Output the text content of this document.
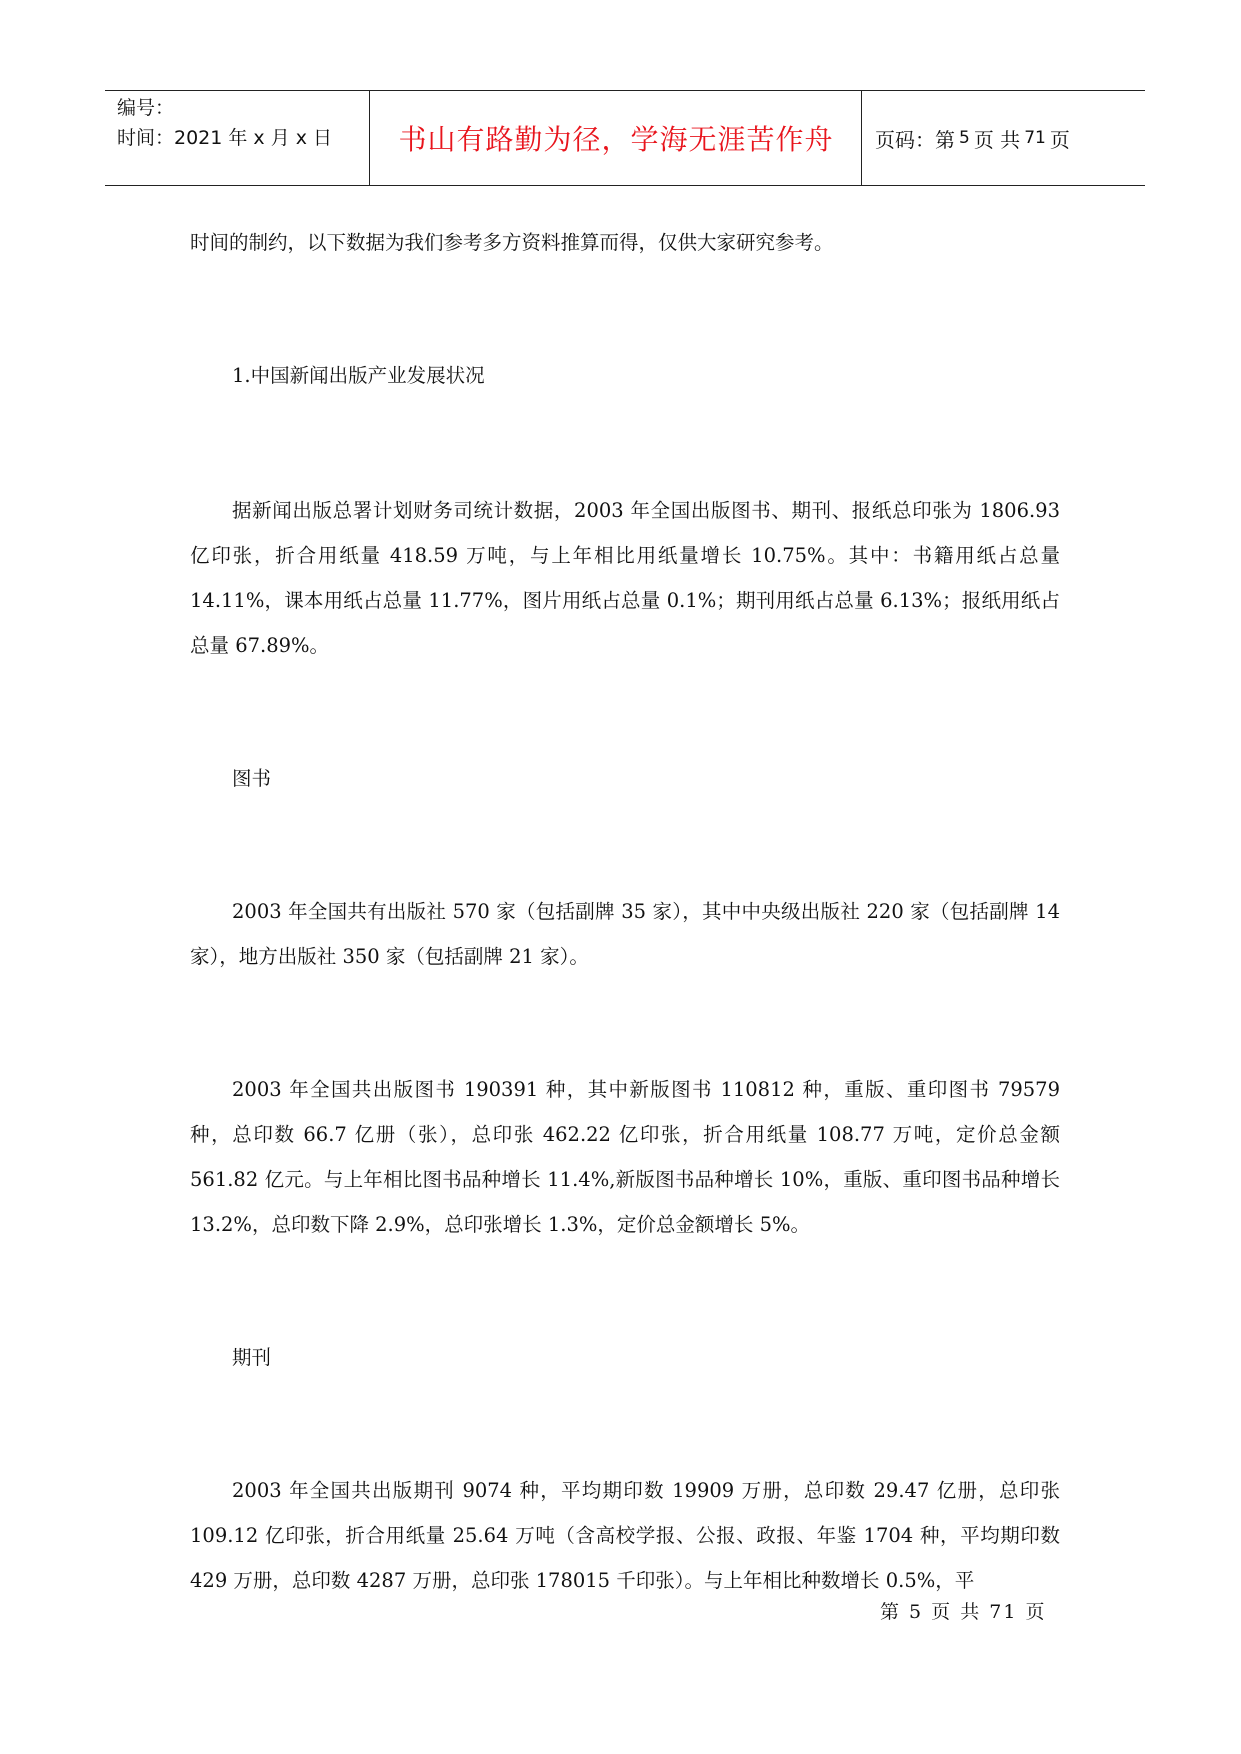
编号：
时间：2021 年 x 月 x 日	书山有路勤为径，学海无涯苦作舟	页码：第 5 页 共 71 页

时间的制约，以下数据为我们参考多方资料推算而得，仅供大家研究参考。

1.中国新闻出版产业发展状况

据新闻出版总署计划财务司统计数据，2003 年全国出版图书、期刊、报纸总印张为 1806.93 亿印张，折合用纸量 418.59 万吨，与上年相比用纸量增长 10.75%。其中：书籍用纸占总量 14.11%，课本用纸占总量 11.77%，图片用纸占总量 0.1%；期刊用纸占总量 6.13%；报纸用纸占总量 67.89%。

图书

2003 年全国共有出版社 570 家（包括副牌 35 家），其中中央级出版社 220 家（包括副牌 14 家），地方出版社 350 家（包括副牌 21 家）。

2003 年全国共出版图书 190391 种，其中新版图书 110812 种，重版、重印图书 79579 种，总印数 66.7 亿册（张），总印张 462.22 亿印张，折合用纸量 108.77 万吨，定价总金额 561.82 亿元。与上年相比图书品种增长 11.4%,新版图书品种增长 10%，重版、重印图书品种增长 13.2%，总印数下降 2.9%，总印张增长 1.3%，定价总金额增长 5%。

期刊

2003 年全国共出版期刊 9074 种，平均期印数 19909 万册，总印数 29.47 亿册，总印张 109.12 亿印张，折合用纸量 25.64 万吨（含高校学报、公报、政报、年鉴 1704 种，平均期印数 429 万册，总印数 4287 万册，总印张 178015 千印张）。与上年相比种数增长 0.5%，平

第 5 页 共 71 页
